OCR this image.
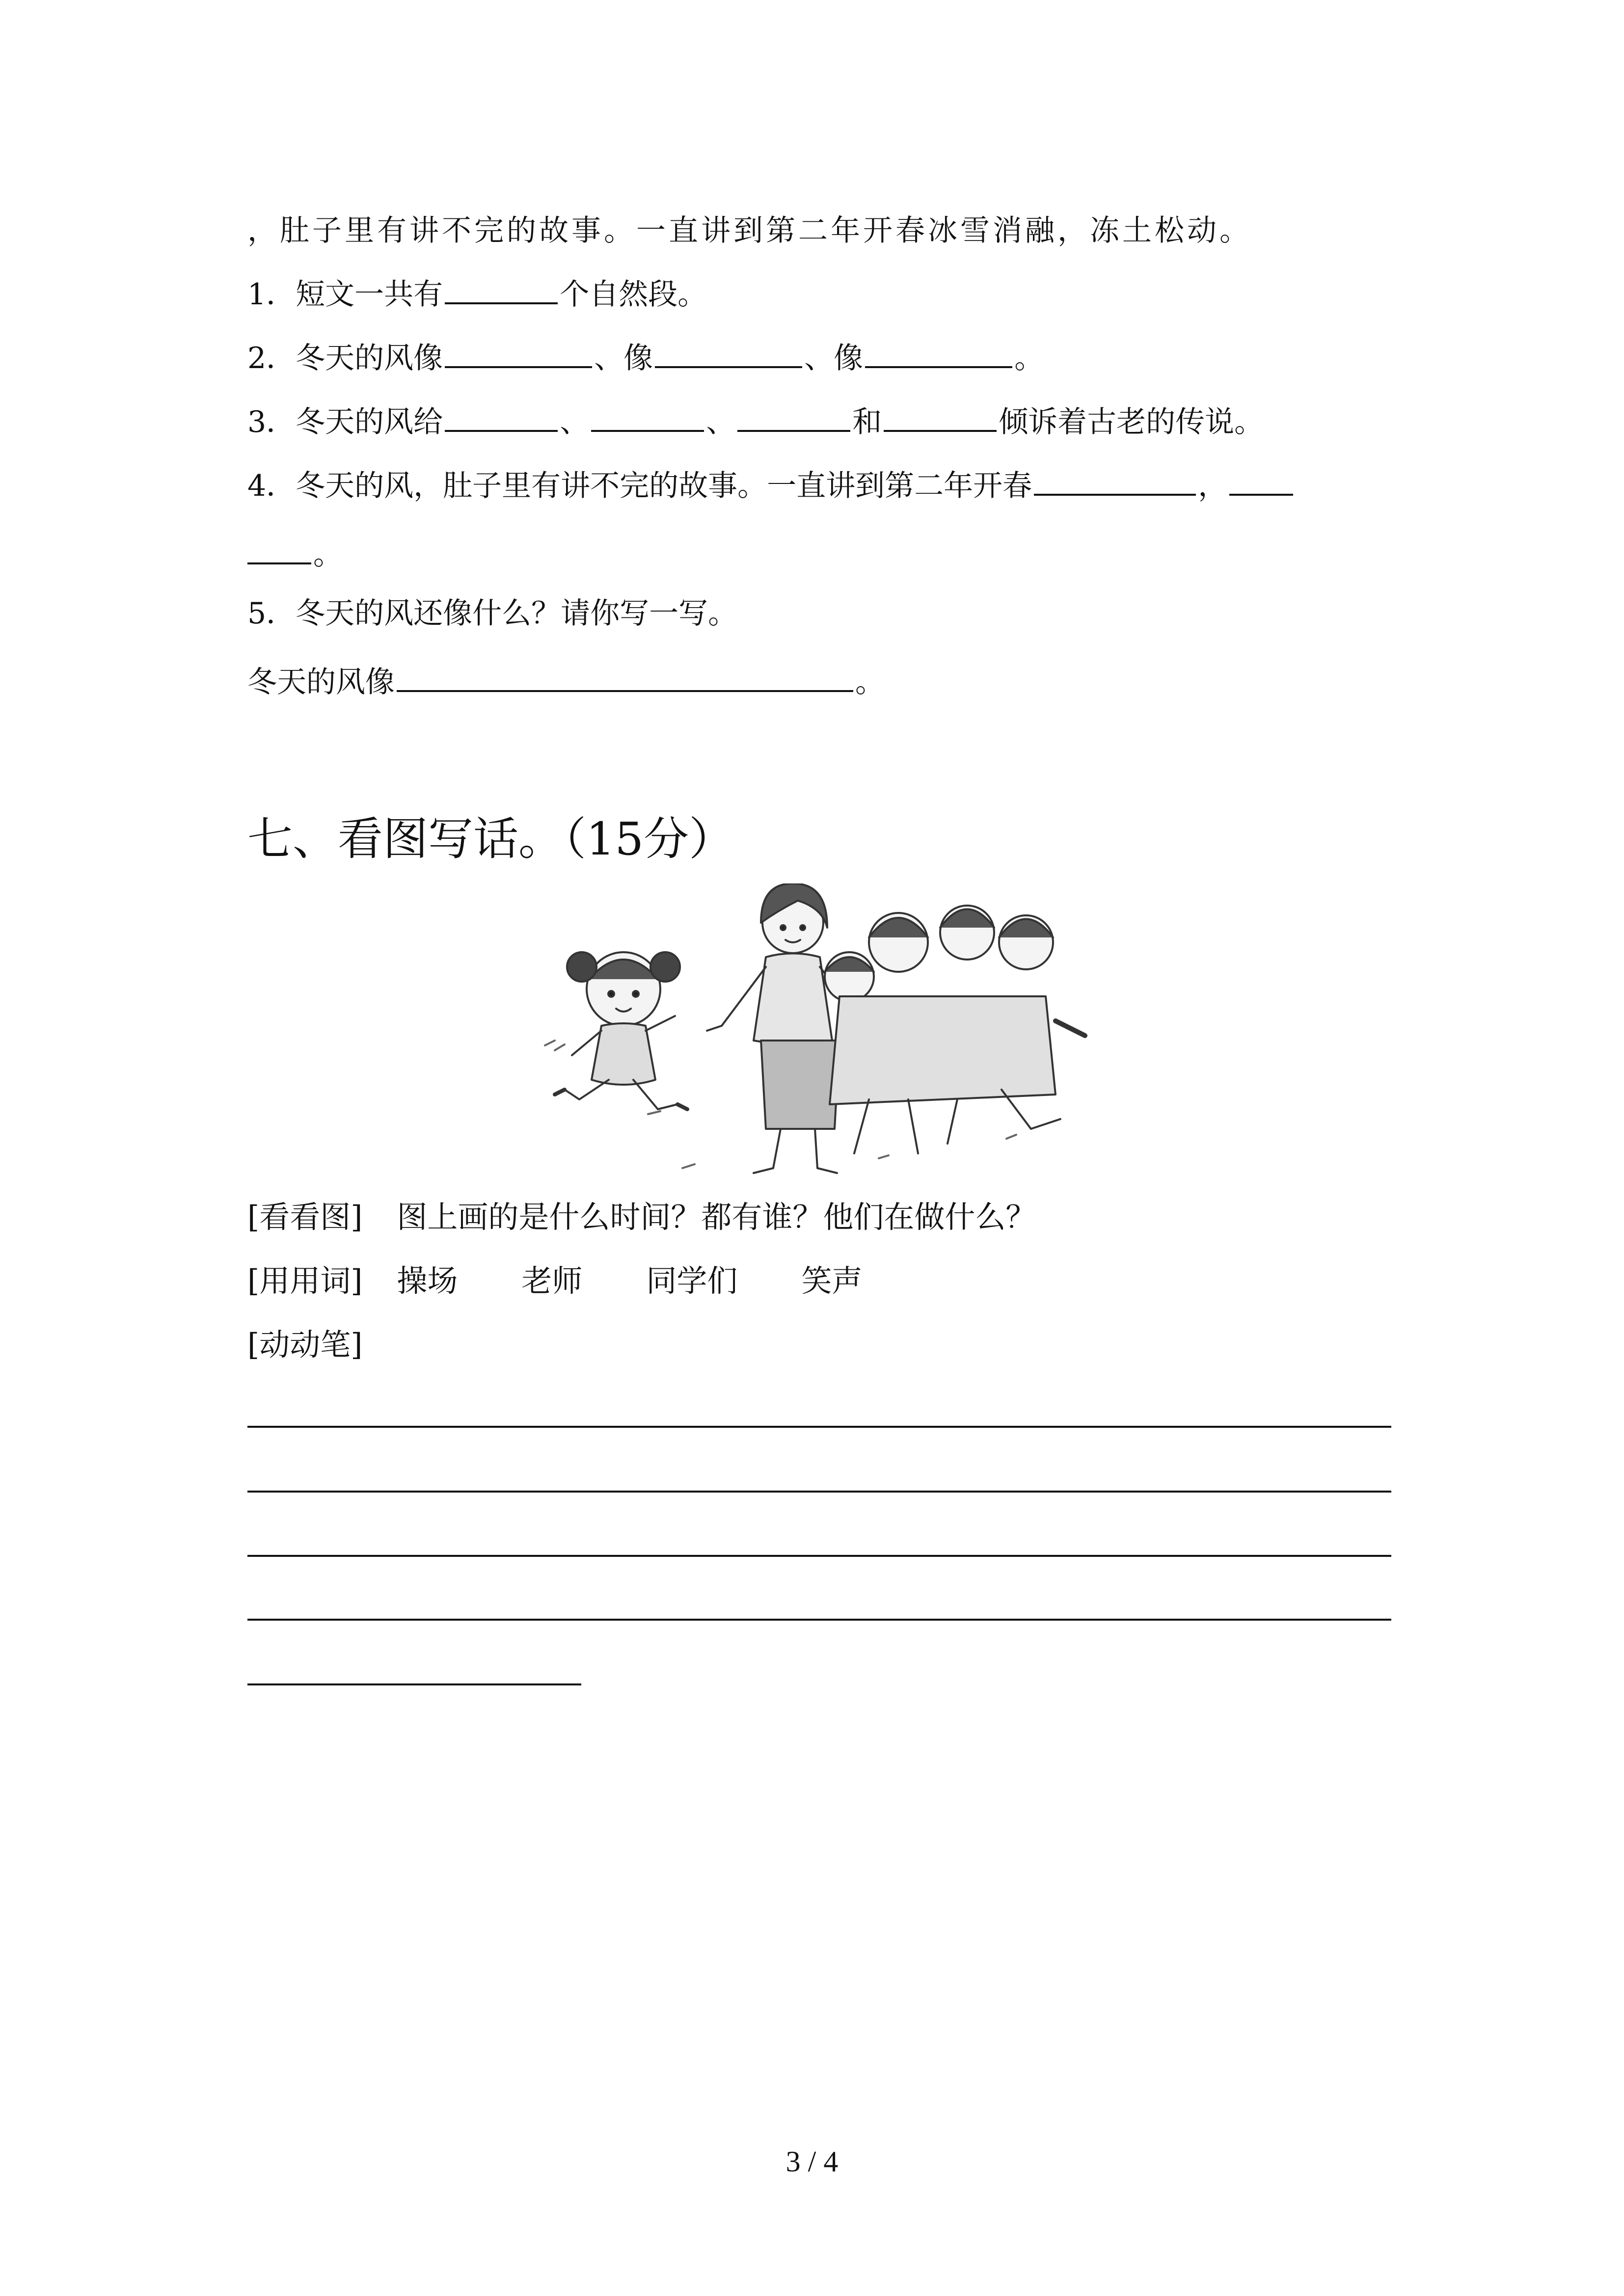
，肚子里有讲不完的故事。一直讲到第二年开春冰雪消融，冻土松动。
1．短文一共有	个自然段。
2．冬天的风像	、像	、像	。
3．冬天的风给	、	、	和	倾诉着古老的传说。
4．冬天的风，肚子里有讲不完的故事。一直讲到第二年开春	，
。
5．冬天的风还像什么？请你写一写。
冬天的风像	。
七、看图写话。（15分）
[看看图] 图上画的是什么时间？都有谁？他们在做什么？
[用用词] 操场 老师 同学们 笑声
[动动笔]
3 / 4
